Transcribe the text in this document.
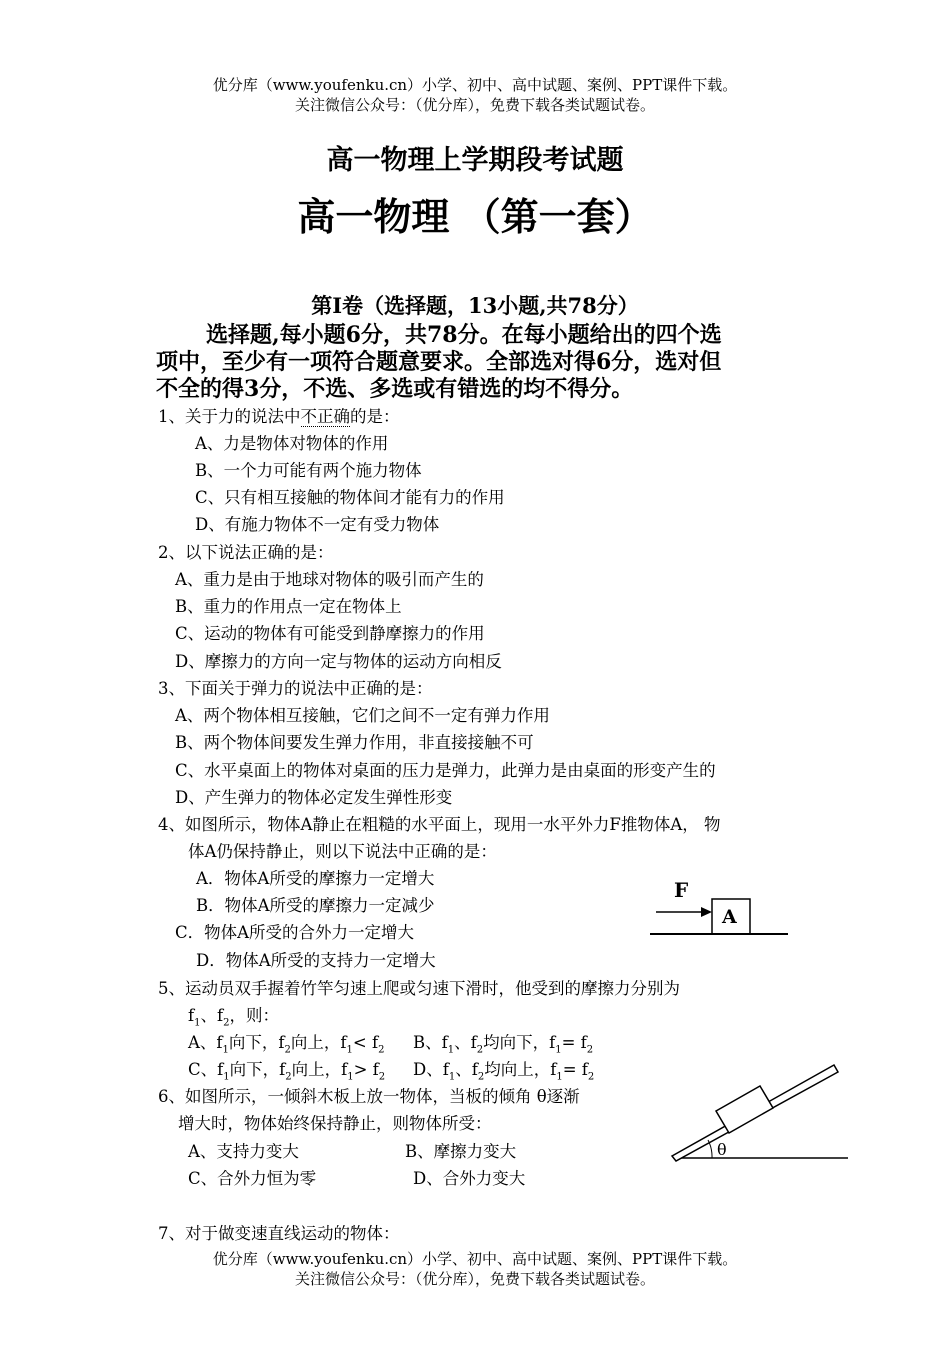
优分库（www.youfenku.cn）小学、初中、高中试题、案例、PPT课件下载。
关注微信公众号：（优分库），免费下载各类试题试卷。
高一物理上学期段考试题
高一物理 （第一套）
第I卷（选择题，13小题,共78分）
选择题,每小题6分，共78分。在每小题给出的四个选
项中，至少有一项符合题意要求。全部选对得6分，选对但
不全的得3分，不选、多选或有错选的均不得分。
1、关于力的说法中不正确的是：
A、力是物体对物体的作用
B、一个力可能有两个施力物体
C、只有相互接触的物体间才能有力的作用
D、有施力物体不一定有受力物体
2、以下说法正确的是：
A、重力是由于地球对物体的吸引而产生的
B、重力的作用点一定在物体上
C、运动的物体有可能受到静摩擦力的作用
D、摩擦力的方向一定与物体的运动方向相反
3、下面关于弹力的说法中正确的是：
A、两个物体相互接触，它们之间不一定有弹力作用
B、两个物体间要发生弹力作用，非直接接触不可
C、水平桌面上的物体对桌面的压力是弹力，此弹力是由桌面的形变产生的
D、产生弹力的物体必定发生弹性形变
4、如图所示，物体A静止在粗糙的水平面上，现用一水平外力F推物体A， 物
体A仍保持静止，则以下说法中正确的是：
A．物体A所受的摩擦力一定增大
B．物体A所受的摩擦力一定减少
C．物体A所受的合外力一定增大
D．物体A所受的支持力一定增大
F
A
5、运动员双手握着竹竿匀速上爬或匀速下滑时，他受到的摩擦力分别为
$f_1$、$f_2$，则：
A、$f_1$向下，$f_2$向上，$f_1< f_2$ B、$f_1$、$f_2$均向下，$f_1= f_2$
C、$f_1$向下，$f_2$向上，$f_1> f_2$ D、$f_1$、$f_2$均向上，$f_1= f_2$
6、如图所示，一倾斜木板上放一物体，当板的倾角 θ逐渐
增大时，物体始终保持静止，则物体所受：
A、支持力变大	B、摩擦力变大
C、合外力恒为零	D、合外力变大
θ
7、对于做变速直线运动的物体：
优分库（www.youfenku.cn）小学、初中、高中试题、案例、PPT课件下载。
关注微信公众号：（优分库），免费下载各类试题试卷。
